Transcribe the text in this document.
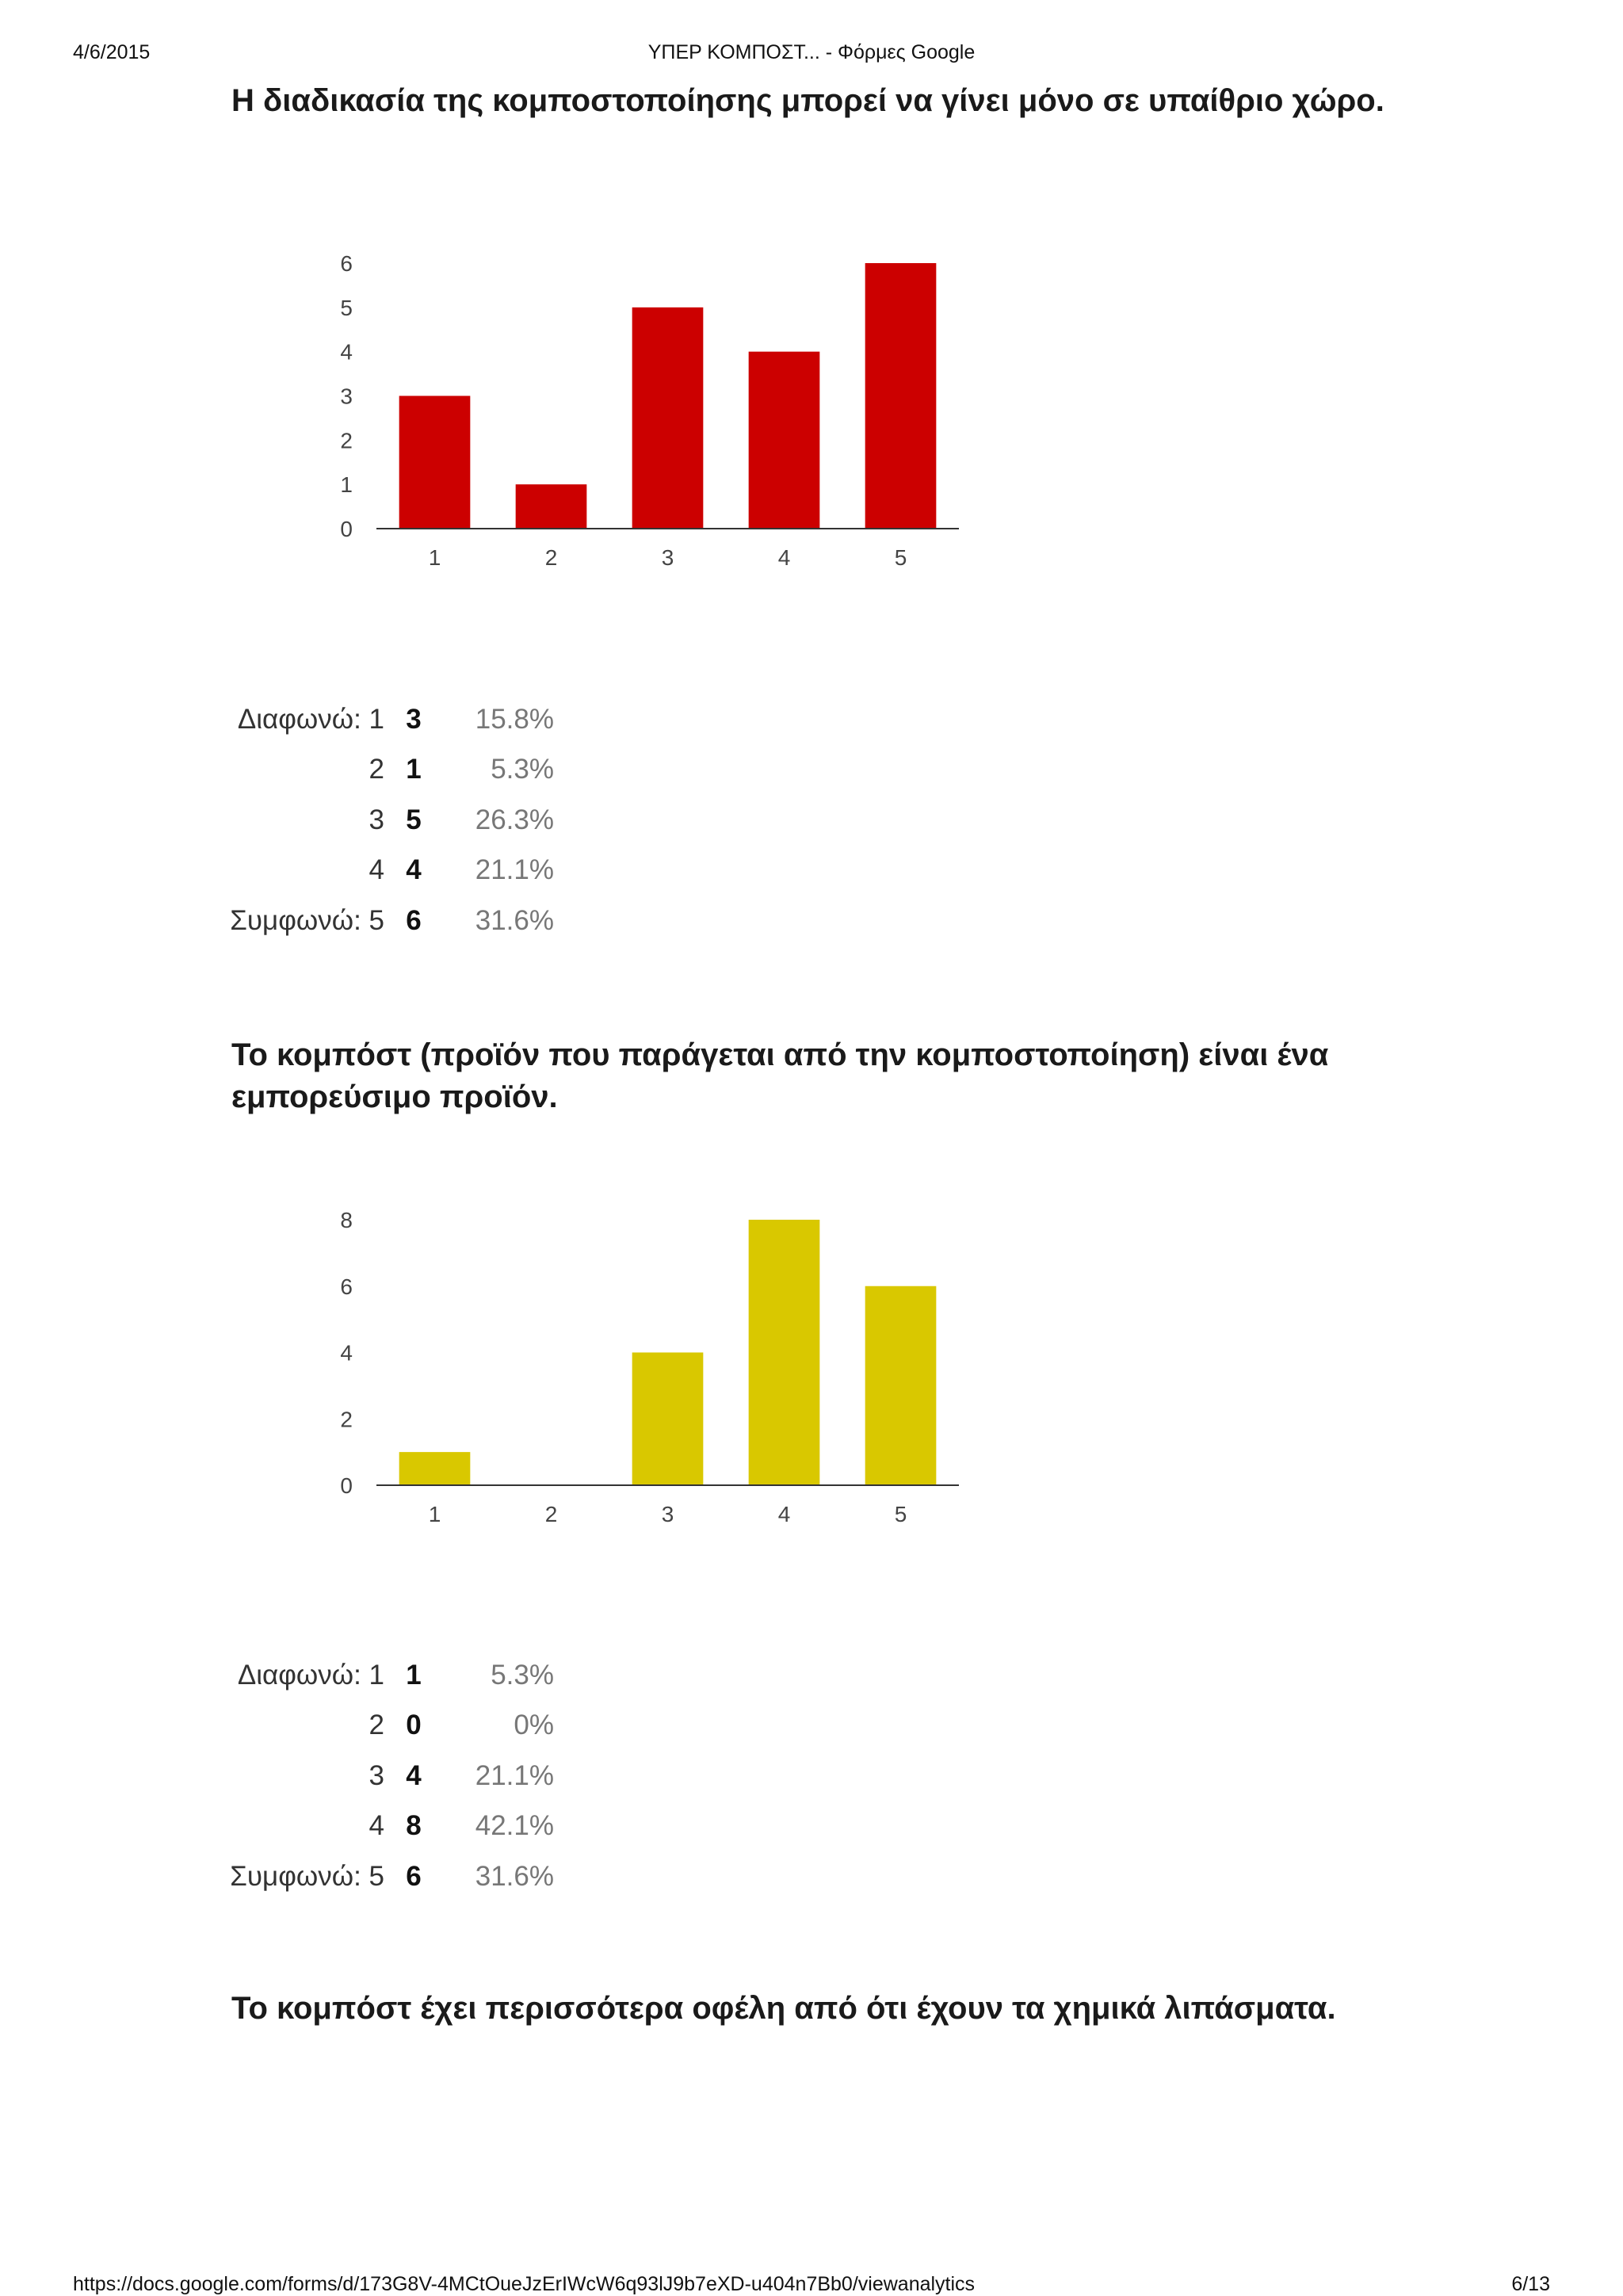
4/6/2015	ΥΠΕΡ ΚΟΜΠΟΣΤ... - Φόρμες Google
Η διαδικασία της κομποστοποίησης μπορεί να γίνει μόνο σε υπαίθριο χώρο.
0
1
2
3
4
5
6
1	2	3	4	5
Διαφωνώ: 1	3	15.8%
2	1	5.3%
3	5	26.3%
4	4	21.1%
Συμφωνώ: 5	6	31.6%
Το κομπόστ (προϊόν που παράγεται από την κομποστοποίηση) είναι ένα εμπορεύσιμο προϊόν.
0
2
4
6
8
1	2	3	4	5
Διαφωνώ: 1	1	5.3%
2	0	0%
3	4	21.1%
4	8	42.1%
Συμφωνώ: 5	6	31.6%
Το κομπόστ έχει περισσότερα οφέλη από ότι έχουν τα χημικά λιπάσματα.
https://docs.google.com/forms/d/173G8V-4MCtOueJzErIWcW6q93lJ9b7eXD-u404n7Bb0/viewanalytics	6/13
